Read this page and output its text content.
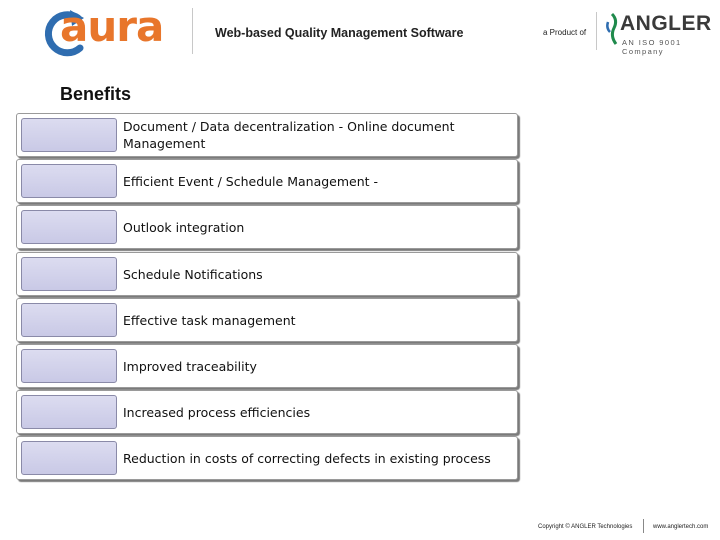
aura	Web-based Quality Management Software	a Product of ANGLER
AN ISO 9001 Company
Benefits
Document / Data decentralization - Online document Management
Efficient Event / Schedule Management -
Outlook integration
Schedule Notifications
Effective task management
Improved traceability
Increased process efficiencies
Reduction in costs of correcting defects in existing process
Copyright © ANGLER Technologies	www.anglertech.com
